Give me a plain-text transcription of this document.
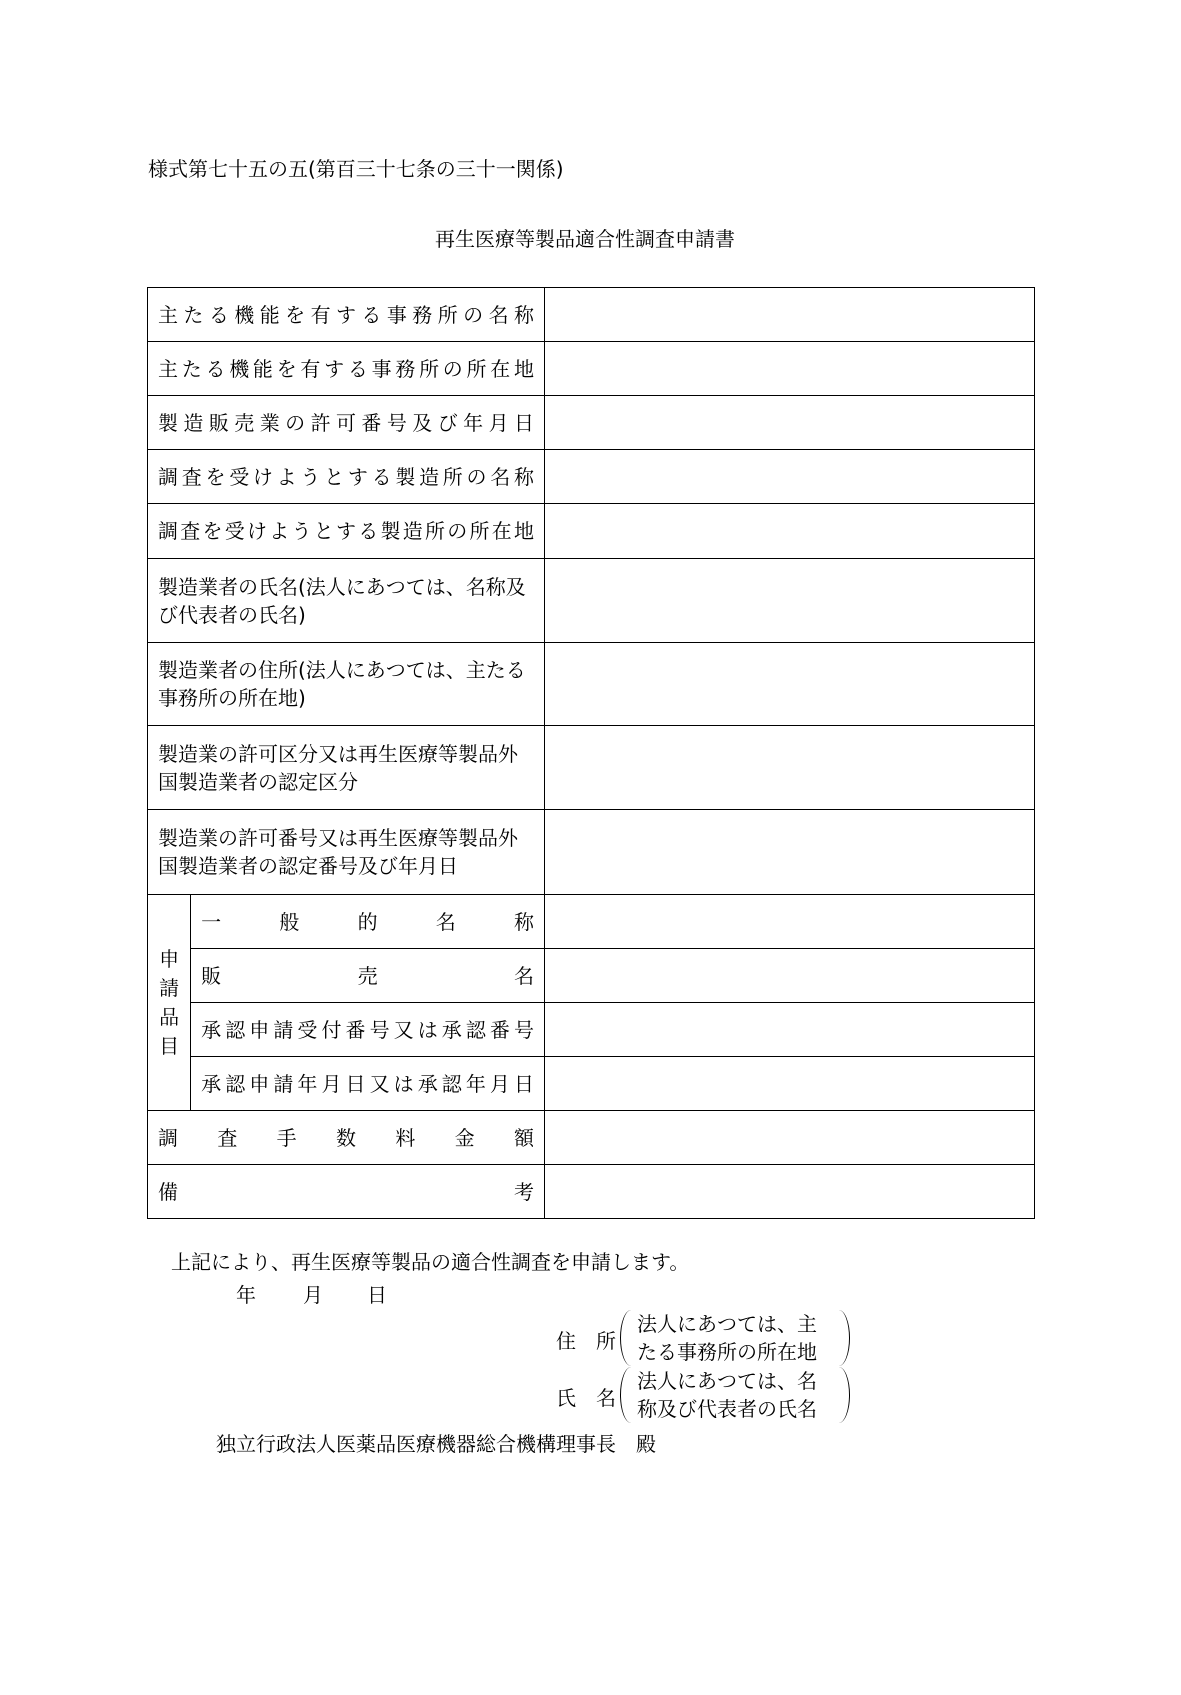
様式第七十五の五(第百三十七条の三十一関係)
再生医療等製品適合性調査申請書
主たる機能を有する事務所の名称		
主たる機能を有する事務所の所在地		
製造販売業の許可番号及び年月日		
調査を受けようとする製造所の名称		
調査を受けようとする製造所の所在地		
製造業者の氏名(法人にあつては、名称及び代表者の氏名)		
製造業者の住所(法人にあつては、主たる事務所の所在地)		
製造業の許可区分又は再生医療等製品外国製造業者の認定区分		
製造業の許可番号又は再生医療等製品外国製造業者の認定番号及び年月日		

申請品目	一般的名称	
	販売名	
	承認申請受付番号又は承認番号	
	承認申請年月日又は承認年月日	
調査手数料金額		
備考		
上記により、再生医療等製品の適合性調査を申請します。
年 月 日
住　所
法人にあつては、主
たる事務所の所在地
氏　名
法人にあつては、名
称及び代表者の氏名
独立行政法人医薬品医療機器総合機構理事長　殿
